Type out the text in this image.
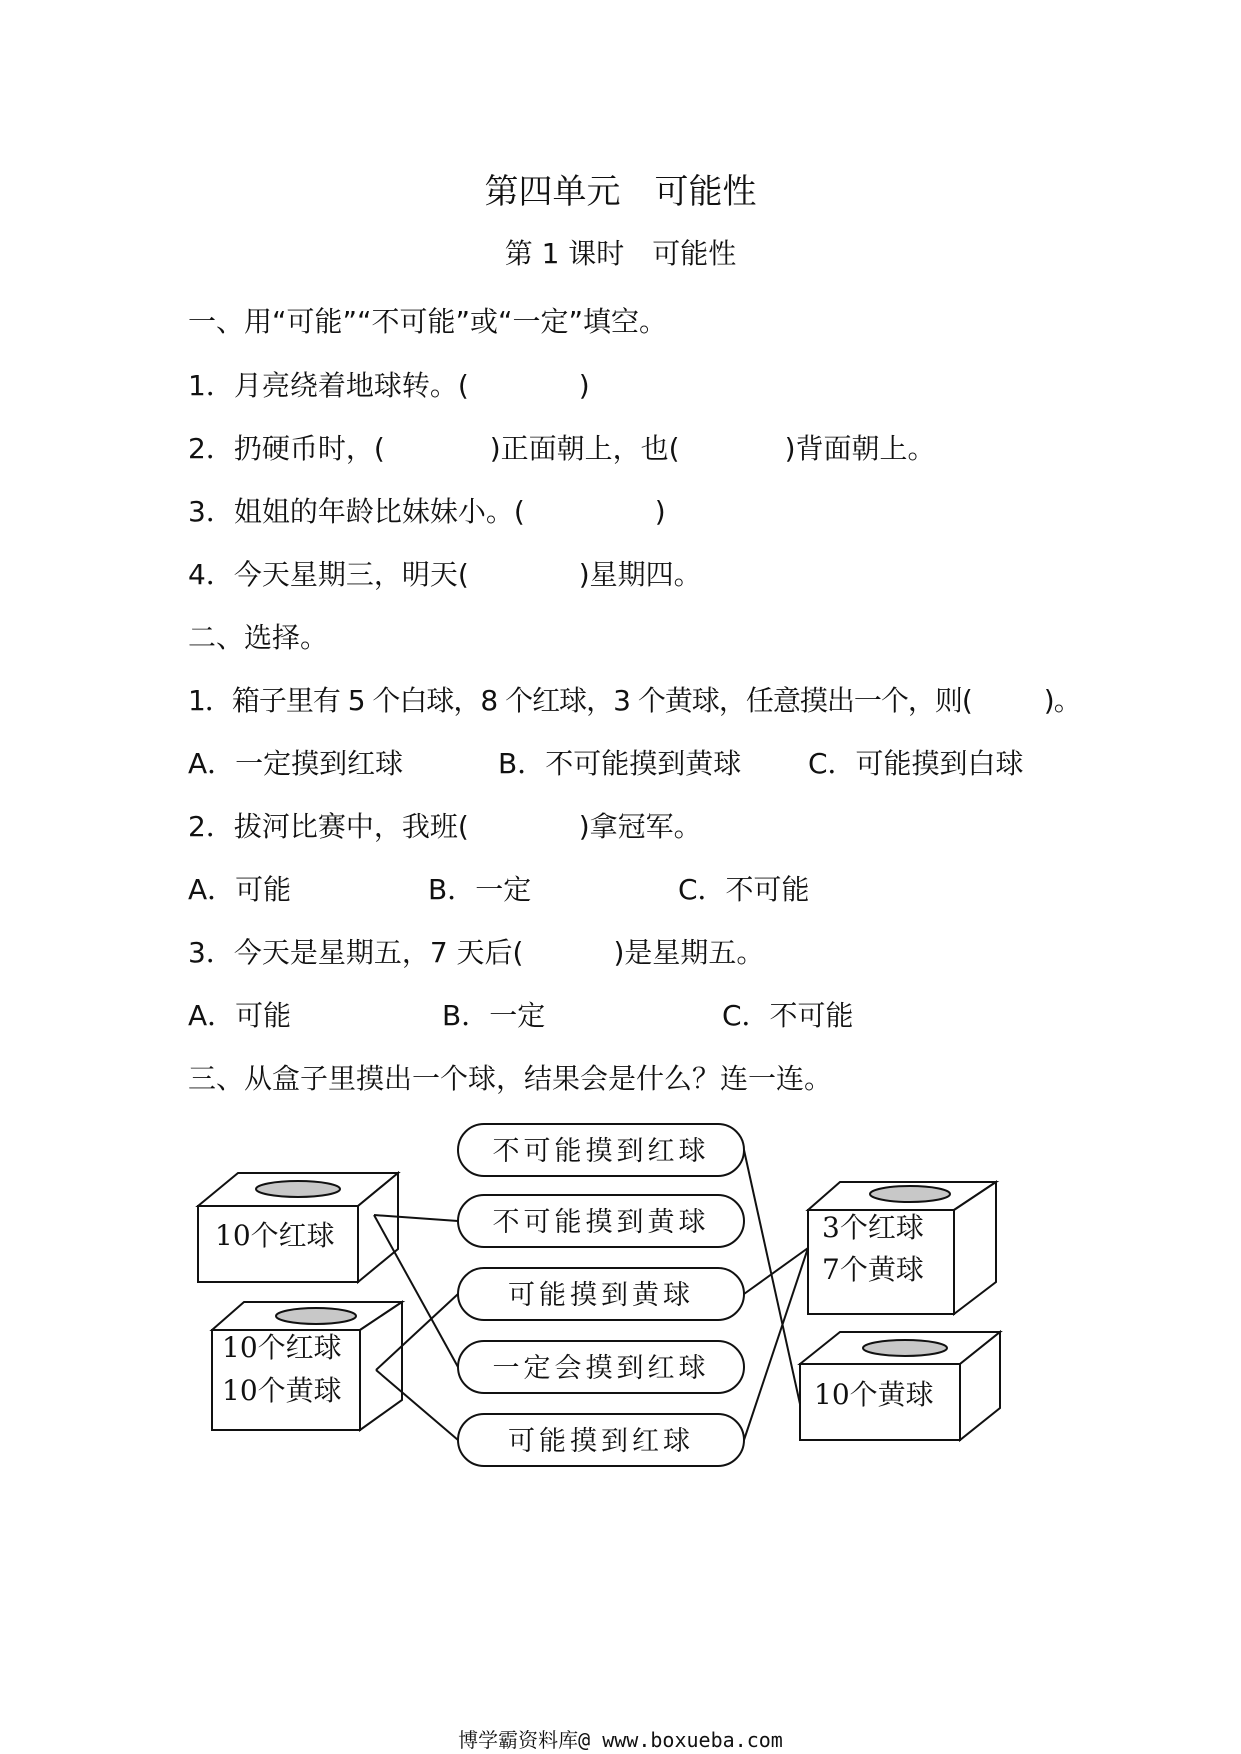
第四单元　可能性
第 1 课时　可能性
一、用“可能”“不可能”或“一定”填空。
1．月亮绕着地球转。(	)
2．扔硬币时，(	)正面朝上，也(	)背面朝上。
3．姐姐的年龄比妹妹小。(	)
4．今天星期三，明天(	)星期四。
二、选择。
1．箱子里有 5 个白球，8 个红球，3 个黄球，任意摸出一个，则(	)。
A．一定摸到红球	B．不可能摸到黄球 C．可能摸到白球
2．拔河比赛中，我班(	)拿冠军。
A．可能	B．一定	C．不可能
3．今天是星期五，7 天后(	)是星期五。
A．可能	B．一定	C．不可能
三、从盒子里摸出一个球，结果会是什么？连一连。
10个红球
10个红球
10个黄球
3个红球
7个黄球
10个黄球
不可能摸到红球
不可能摸到黄球
可能摸到黄球
一定会摸到红球
可能摸到红球
博学霸资料库@ www.boxueba.com
